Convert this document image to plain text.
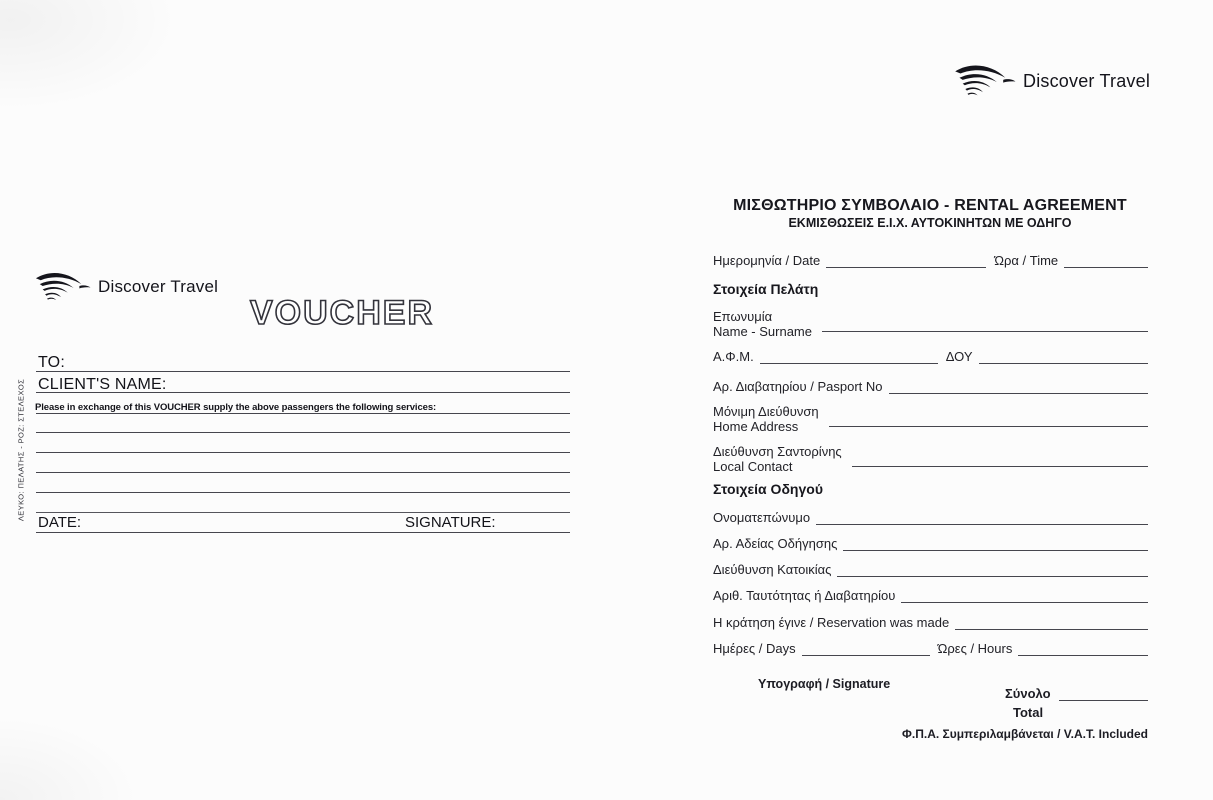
Discover Travel
Discover Travel
VOUCHER
ΛΕΥΚΟ: ΠΕΛΑΤΗΣ - ΡΟΖ: ΣΤΕΛΕΧΟΣ
TO:
CLIENT'S NAME:
Please in exchange of this VOUCHER supply the above passengers the following services:
DATE:	SIGNATURE:
ΜΙΣΘΩΤΗΡΙΟ ΣΥΜΒΟΛΑΙΟ - RENTAL AGREEMENT
ΕΚΜΙΣΘΩΣΕΙΣ Ε.Ι.Χ. ΑΥΤΟΚΙΝΗΤΩΝ ΜΕ ΟΔΗΓΟ
Ημερομηνία / Date	Ώρα / Time
Στοιχεία Πελάτη
Επωνυμία
Name - Surname
Α.Φ.Μ.	ΔΟΥ
Αρ. Διαβατηρίου / Pasport No
Μόνιμη Διεύθυνση
Home Address
Διεύθυνση Σαντορίνης
Local Contact
Στοιχεία Οδηγού
Ονοματεπώνυμο
Αρ. Αδείας Οδήγησης
Διεύθυνση Κατοικίας
Αριθ. Ταυτότητας ή Διαβατηρίου
Η κράτηση έγινε / Reservation was made
Ημέρες / Days	Ώρες / Hours
Υπογραφή / Signature
Σύνολο
Total
Φ.Π.Α. Συμπεριλαμβάνεται / V.A.T. Included
